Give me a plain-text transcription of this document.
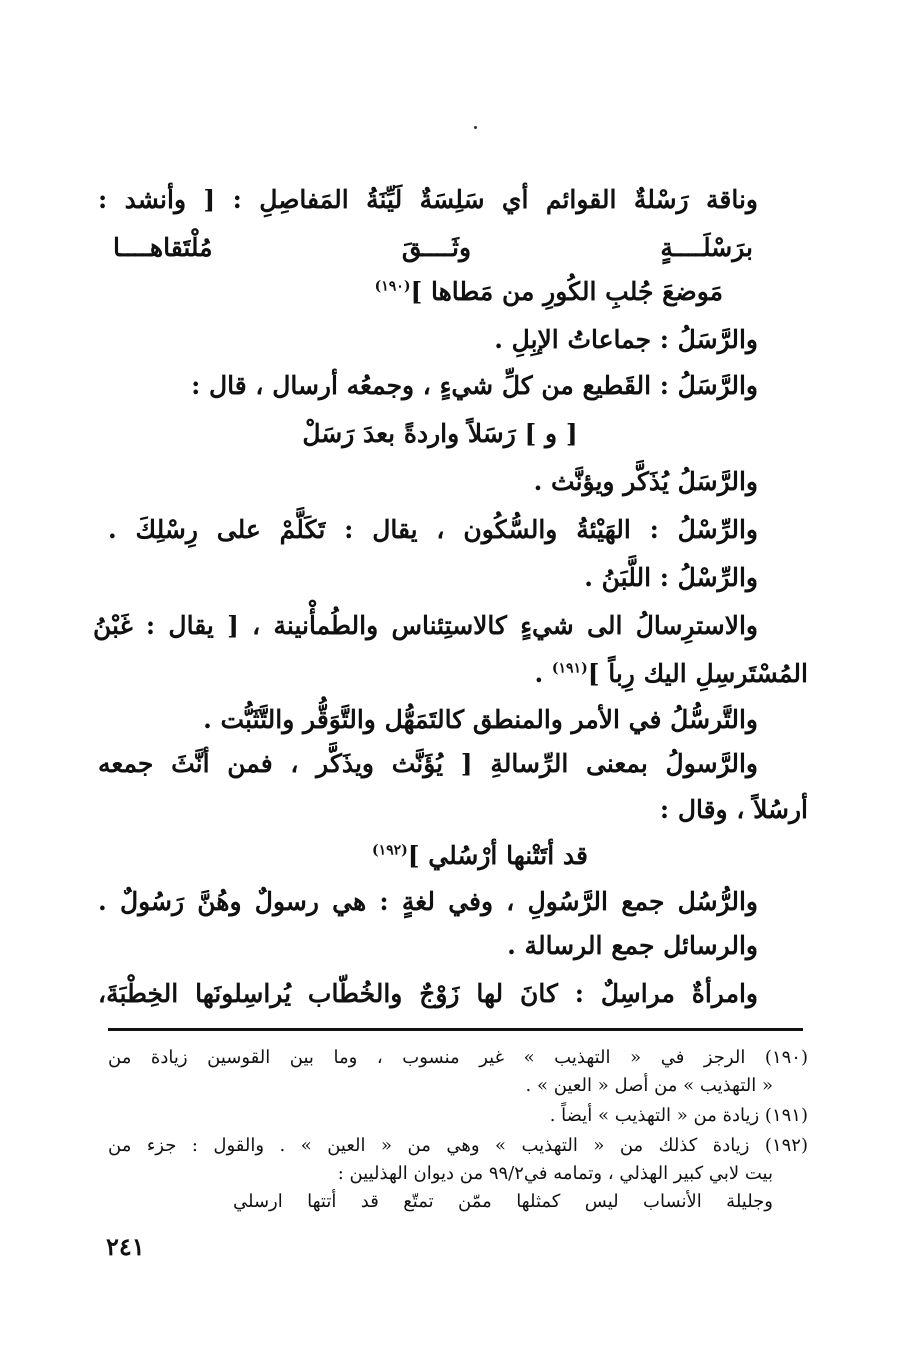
وناقة رَسْلةٌ القوائم أي سَلِسَةٌ لَيِّنَةُ المَفاصِلِ : [ وأنشد :
برَسْلَــــةٍ وثَــــقَ مُلْتَقاهــــا
مَوضعَ جُلبِ الكُورِ من مَطاها ]$^{(١٩٠)}$
والرَّسَلُ : جماعاتُ الإبِلِ .
والرَّسَلُ : القَطيع من كلِّ شيءٍ ، وجمعُه أرسال ، قال :
[ و ] رَسَلاً واردةً بعدَ رَسَلْ
والرَّسَلُ يُذَكَّر ويؤنَّث .
والرِّسْلُ : الهَيْئةُ والسُّكُون ، يقال : تَكَلَّمْ على رِسْلِكَ .
والرِّسْلُ : اللَّبَنُ .
والاسترِسالُ الى شيءٍ كالاستِئناس والطُمأْنينة ، [ يقال : غَبْنُ
المُسْتَرسِلِ اليك رِباً ]$^{(١٩١)}$ .
والتَّرسُّلُ في الأمر والمنطق كالتَمَهُّل والتَّوَقُّر والتَّثَبُّت .
والرَّسولُ بمعنى الرِّسالةِ [ يُؤَنَّث ويذَكَّر ، فمن أنَّثَ جمعه
أرسُلاً ، وقال :
قد أتَتْنها أرْسُلي ]$^{(١٩٢)}$
والرُّسُل جمع الرَّسُولِ ، وفي لغةٍ : هي رسولٌ وهُنَّ رَسُولٌ .
والرسائل جمع الرسالة .
وامرأةٌ مراسِلٌ : كانَ لها زَوْجٌ والخُطّاب يُراسِلونَها الخِطْبَةَ،
(١٩٠) الرجز في « التهذيب » غير منسوب ، وما بين القوسين زيادة من
« التهذيب » من أصل « العين » .
(١٩١) زيادة من « التهذيب » أيضاً .
(١٩٢) زيادة كذلك من « التهذيب » وهي من « العين » . والقول : جزء من
بيت لابي كبير الهذلي ، وتمامه في٩٩/٢ من ديوان الهذليين :
وجليلة الأنساب ليس كمثلها ممّن تمتّع قد أتتها ارسلي
٢٤١
